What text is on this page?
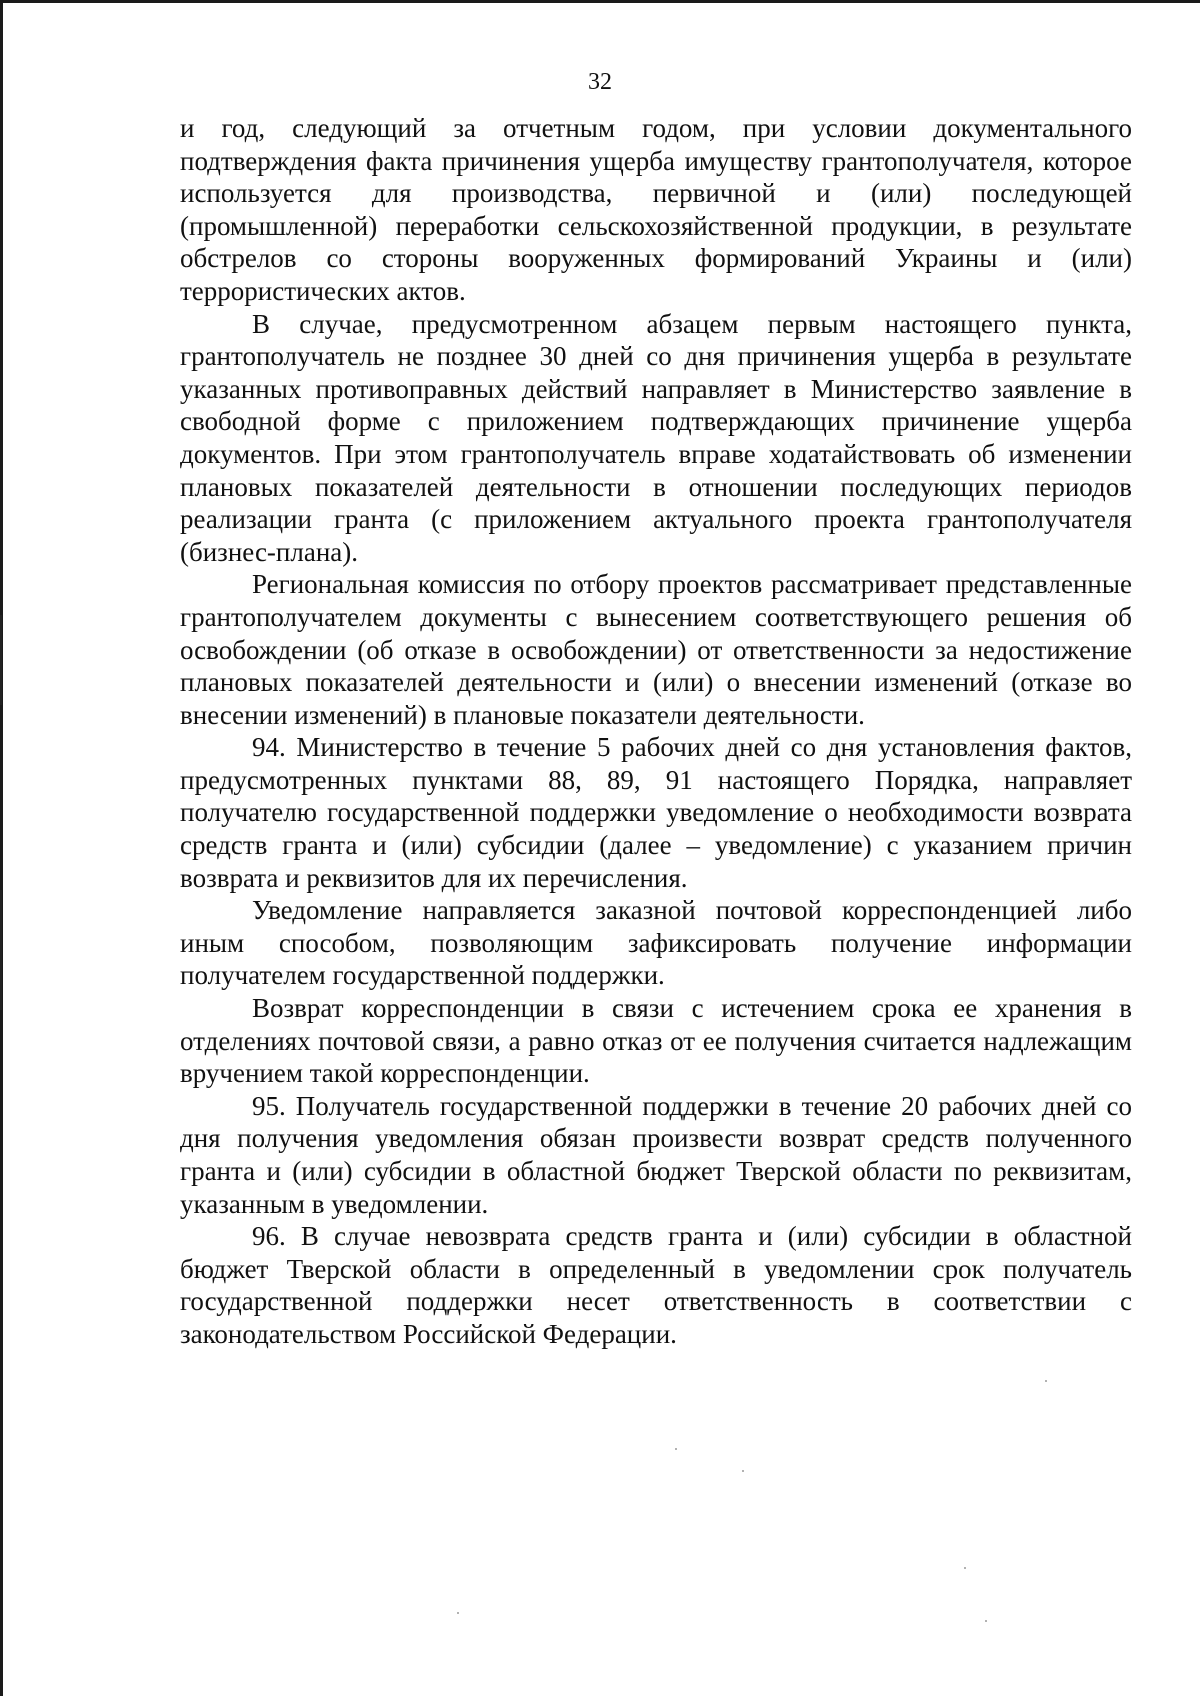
32

и год, следующий за отчетным годом, при условии документального подтверждения факта причинения ущерба имуществу грантополучателя, которое используется для производства, первичной и (или) последующей (промышленной) переработки сельскохозяйственной продукции, в результате обстрелов со стороны вооруженных формирований Украины и (или) террористических актов.

В случае, предусмотренном абзацем первым настоящего пункта, грантополучатель не позднее 30 дней со дня причинения ущерба в результате указанных противоправных действий направляет в Министерство заявление в свободной форме с приложением подтверждающих причинение ущерба документов. При этом грантополучатель вправе ходатайствовать об изменении плановых показателей деятельности в отношении последующих периодов реализации гранта (с приложением актуального проекта грантополучателя (бизнес-плана).

Региональная комиссия по отбору проектов рассматривает представленные грантополучателем документы с вынесением соответствующего решения об освобождении (об отказе в освобождении) от ответственности за недостижение плановых показателей деятельности и (или) о внесении изменений (отказе во внесении изменений) в плановые показатели деятельности.

94. Министерство в течение 5 рабочих дней со дня установления фактов, предусмотренных пунктами 88, 89, 91 настоящего Порядка, направляет получателю государственной поддержки уведомление о необходимости возврата средств гранта и (или) субсидии (далее – уведомление) с указанием причин возврата и реквизитов для их перечисления.

Уведомление направляется заказной почтовой корреспонденцией либо иным способом, позволяющим зафиксировать получение информации получателем государственной поддержки.

Возврат корреспонденции в связи с истечением срока ее хранения в отделениях почтовой связи, а равно отказ от ее получения считается надлежащим вручением такой корреспонденции.

95. Получатель государственной поддержки в течение 20 рабочих дней со дня получения уведомления обязан произвести возврат средств полученного гранта и (или) субсидии в областной бюджет Тверской области по реквизитам, указанным в уведомлении.

96. В случае невозврата средств гранта и (или) субсидии в областной бюджет Тверской области в определенный в уведомлении срок получатель государственной поддержки несет ответственность в соответствии с законодательством Российской Федерации.
